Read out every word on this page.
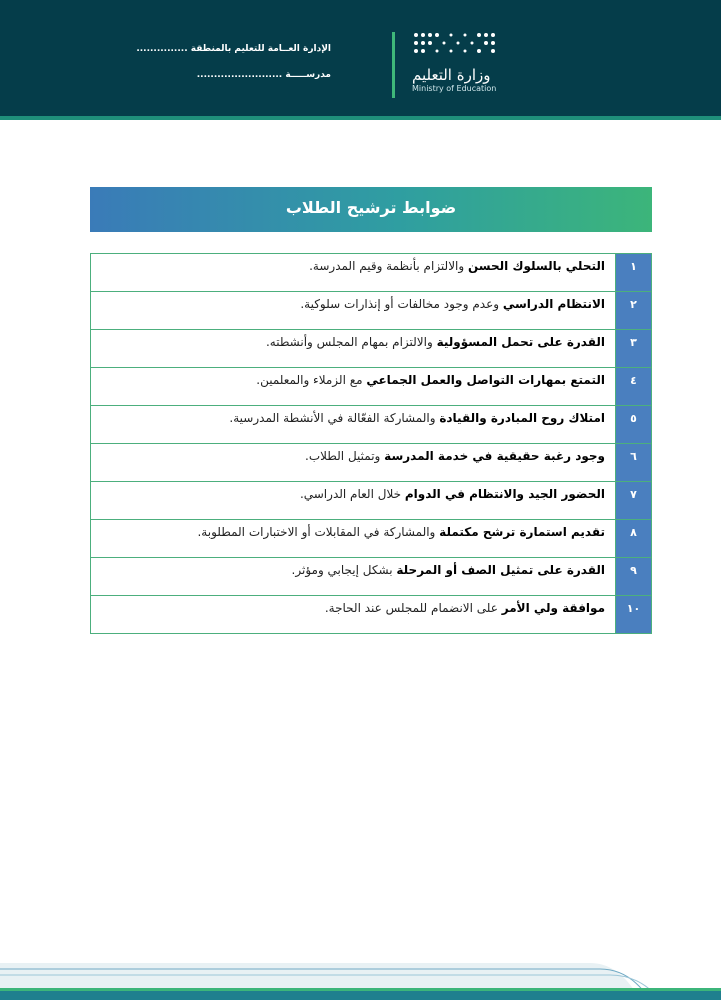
وزارة التعليم
Ministry of Education
الإدارة العــامة للتعليم بالمنطقة ...............
مدرســـــة .........................
ضوابط ترشيح الطلاب
١	التحلي بالسلوك الحسن والالتزام بأنظمة وقيم المدرسة.
٢	الانتظام الدراسي وعدم وجود مخالفات أو إنذارات سلوكية.
٣	القدرة على تحمل المسؤولية والالتزام بمهام المجلس وأنشطته.
٤	التمتع بمهارات التواصل والعمل الجماعي مع الزملاء والمعلمين.
٥	امتلاك روح المبادرة والقيادة والمشاركة الفعّالة في الأنشطة المدرسية.
٦	وجود رغبة حقيقية في خدمة المدرسة وتمثيل الطلاب.
٧	الحضور الجيد والانتظام في الدوام خلال العام الدراسي.
٨	تقديم استمارة ترشح مكتملة والمشاركة في المقابلات أو الاختبارات المطلوبة.
٩	القدرة على تمثيل الصف أو المرحلة بشكل إيجابي ومؤثر.
١٠	موافقة ولي الأمر على الانضمام للمجلس عند الحاجة.
